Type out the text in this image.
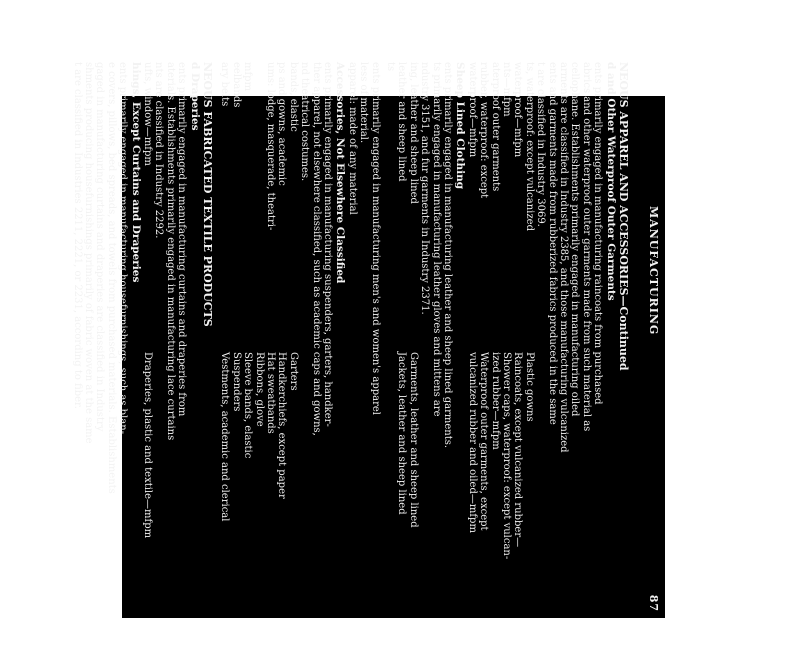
MANUFACTURING
87
NEOUS APPAREL AND ACCESSORIES—Continued
d and Other Waterproof Outer Garments
ents primarily engaged in manufacturing raincoats from purchased
abrics and other waterproof outer garments made from such material as
cellophane. Establishments primarily engaged in manufacturing oiled
arments are classified in Industry 2385, and those manufacturing vulcanized
ents and garments made from rubberized fabrics produced in the same
t are classified in Industry 3069.
ts, waterproof: except vulcanized
Plastic gowns
waterproof—mfpm
Raincoats, except vulcanized rubber—
nts—mfpm
Shower caps, waterproof: except vulcan-
aterproof outer garments
ized rubber—mfpm
rubber, waterproof: except
Waterproof outer garments, except
waterproof—mfpm
vulcanized rubber and oiled—mfpm
Sheep Lined Clothing
ents primarily engaged in manufacturing leather and sheep lined garments.
ts primarily engaged in manufacturing leather gloves and mittens are
ndustry 3151, and fur garments in Industry 2371.
ing, leather and sheep lined
Garments, leather and sheep lined
leather and sheep lined
Jackets, leather and sheep lined
ts
ents primarily engaged in manufacturing men's and women's apparel
less of material.
apparel: made of any material
Accessories, Not Elsewhere Classified
ents primarily engaged in manufacturing suspenders, garters, handker-
ther apparel, not elsewhere classified, such as academic caps and gowns,
nd theatrical costumes.
bands, elastic
Garters
ps and gowns, academic
Handkerchiefs, except paper
ums: lodge, masquerade, theatri-
Hat sweatbands
Ribbons, glove
mfpm
Sleeve bands, elastic
eelbands
Suspenders
ary belts
Vestments, academic and clerical
NEOUS FABRICATED TEXTILE PRODUCTS
d Draperies
ents primarily engaged in manufacturing curtains and draperies from
aterials. Establishments primarily engaged in manufacturing lace curtains
nts are classified in Industry 2292.
ufts, window—mfpm
Draperies, plastic and textile—mfpm
hings, Except Curtains and Draperies
ents primarily engaged in manufacturing housefurnishings, such as blan-
e covers, pillows, bed spreads, and towels from purchased materials. Establishments
gaged in manufacturing curtains and draperies are classified in Industry
shments producing housefurnishings primarily of fabric woven at the same
t are classified in Industries 2211, 2221, or 2231, according to fiber.
